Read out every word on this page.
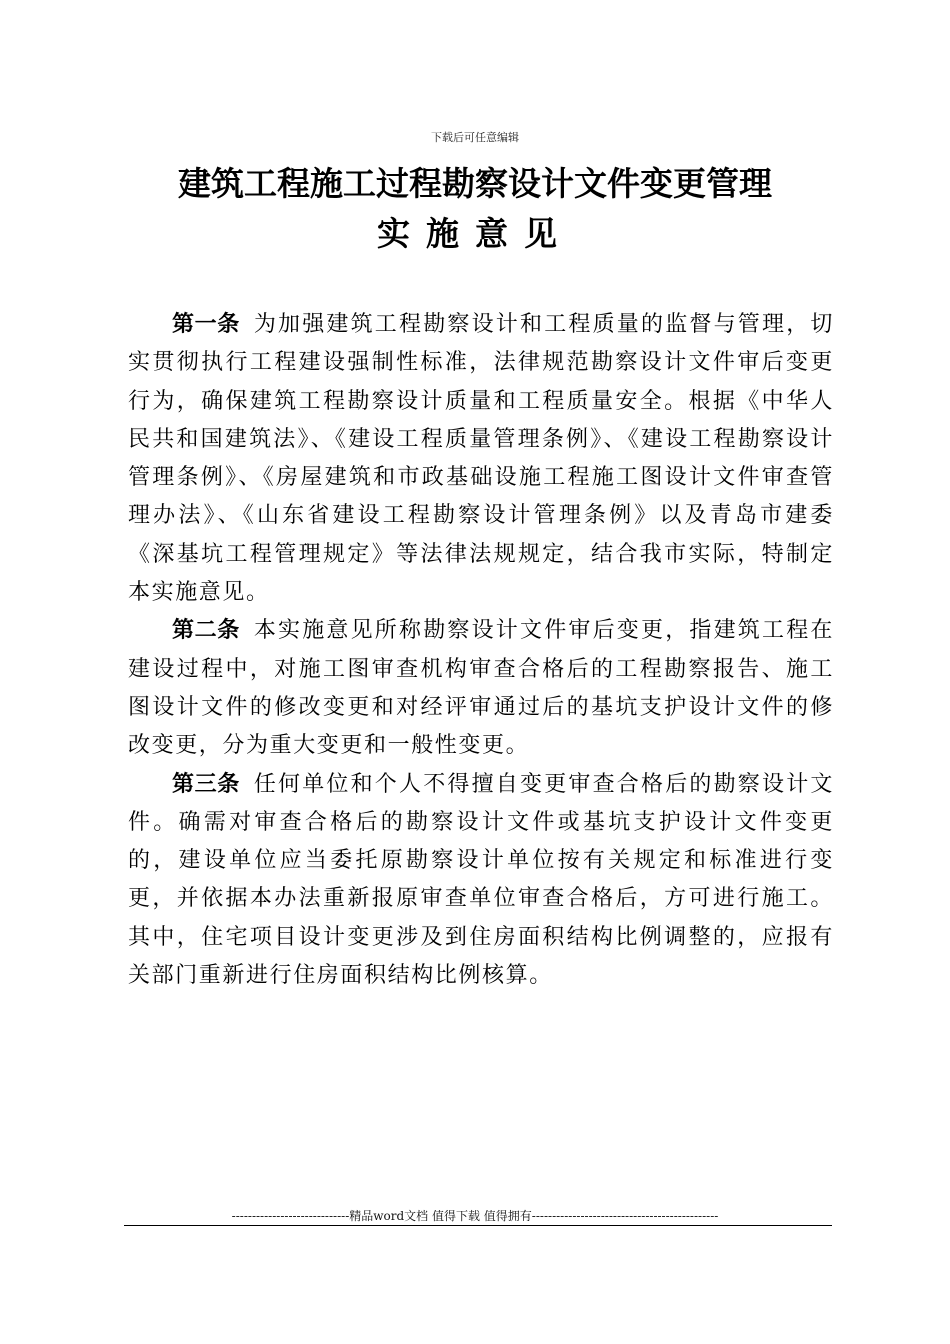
下载后可任意编辑
建筑工程施工过程勘察设计文件变更管理
实施意见

第一条 为加强建筑工程勘察设计和工程质量的监督与管理，切实贯彻执行工程建设强制性标准，法律规范勘察设计文件审后变更行为，确保建筑工程勘察设计质量和工程质量安全。根据《中华人民共和国建筑法》、《建设工程质量管理条例》、《建设工程勘察设计管理条例》、《房屋建筑和市政基础设施工程施工图设计文件审查管理办法》、《山东省建设工程勘察设计管理条例》以及青岛市建委《深基坑工程管理规定》等法律法规规定，结合我市实际，特制定本实施意见。

第二条 本实施意见所称勘察设计文件审后变更，指建筑工程在建设过程中，对施工图审查机构审查合格后的工程勘察报告、施工图设计文件的修改变更和对经评审通过后的基坑支护设计文件的修改变更，分为重大变更和一般性变更。

第三条 任何单位和个人不得擅自变更审查合格后的勘察设计文件。确需对审查合格后的勘察设计文件或基坑支护设计文件变更的，建设单位应当委托原勘察设计单位按有关规定和标准进行变更，并依据本办法重新报原审查单位审查合格后，方可进行施工。其中，住宅项目设计变更涉及到住房面积结构比例调整的，应报有关部门重新进行住房面积结构比例核算。

-----------------------------精品word文档 值得下载 值得拥有----------------------------------------------
